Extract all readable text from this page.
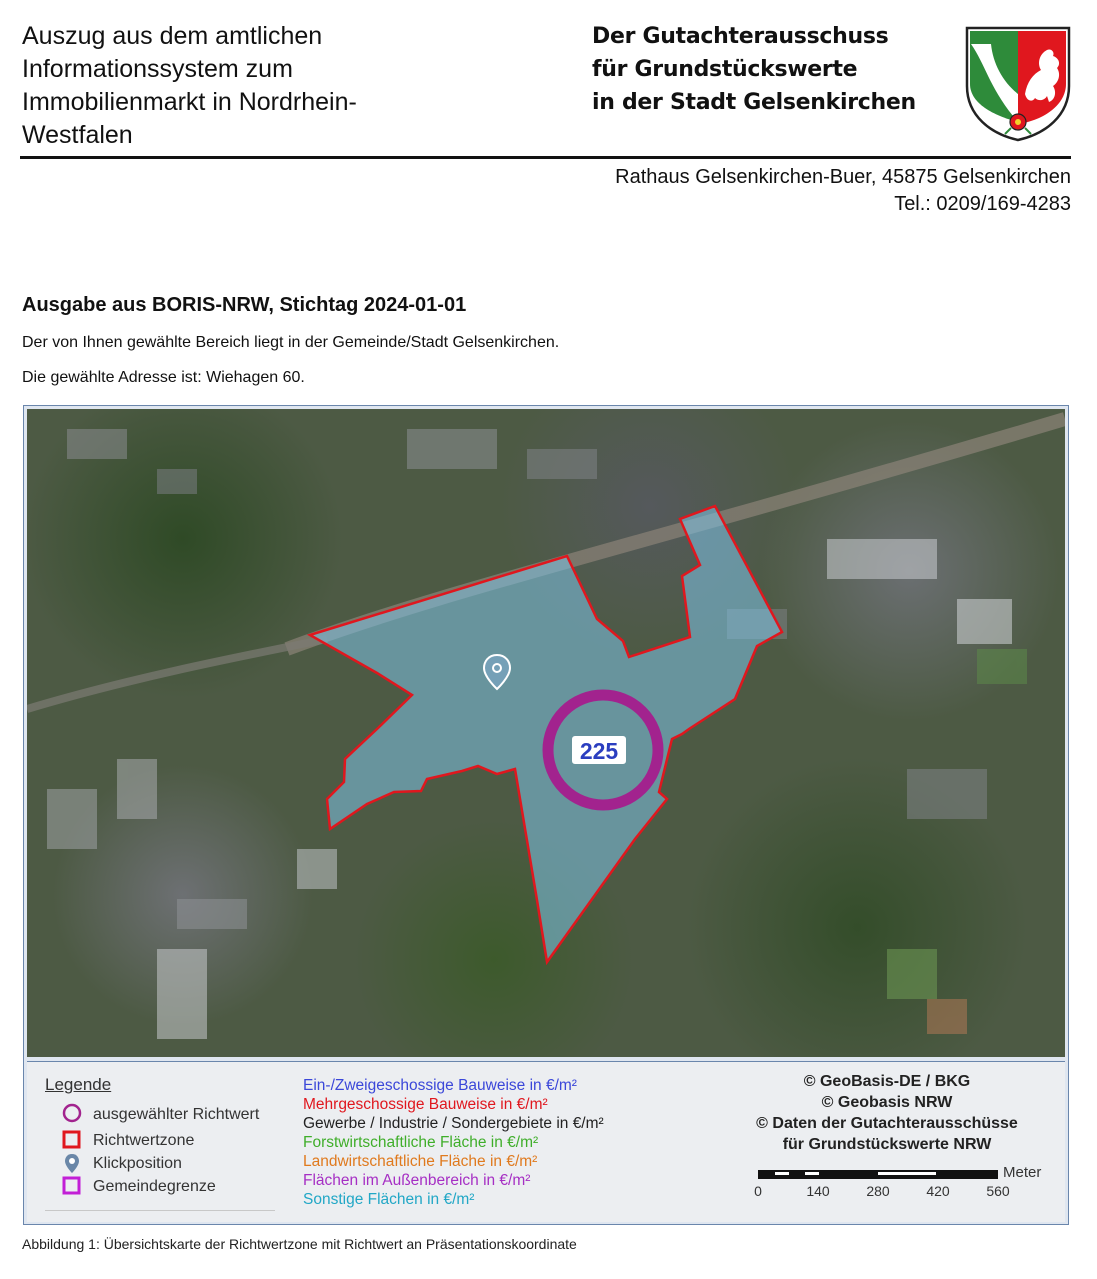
Auszug aus dem amtlichen
Informationssystem zum
Immobilienmarkt in Nordrhein-
Westfalen
Der Gutachterausschuss
für Grundstückswerte
in der Stadt Gelsenkirchen
Rathaus Gelsenkirchen-Buer, 45875 Gelsenkirchen
Tel.: 0209/169-4283
Ausgabe aus BORIS-NRW, Stichtag 2024-01-01
Der von Ihnen gewählte Bereich liegt in der Gemeinde/Stadt Gelsenkirchen.
Die gewählte Adresse ist: Wiehagen 60.
225
Legende
ausgewählter Richtwert
Richtwertzone
Klickposition
Gemeindegrenze
Ein-/Zweigeschossige Bauweise in €/m²
Mehrgeschossige Bauweise in €/m²
Gewerbe / Industrie / Sondergebiete in €/m²
Forstwirtschaftliche Fläche in €/m²
Landwirtschaftliche Fläche in €/m²
Flächen im Außenbereich in €/m²
Sonstige Flächen in €/m²
© GeoBasis-DE / BKG
© Geobasis NRW
© Daten der Gutachterausschüsse
für Grundstückswerte NRW
Meter
0	140	280	420	560
Abbildung 1: Übersichtskarte der Richtwertzone mit Richtwert an Präsentationskoordinate
